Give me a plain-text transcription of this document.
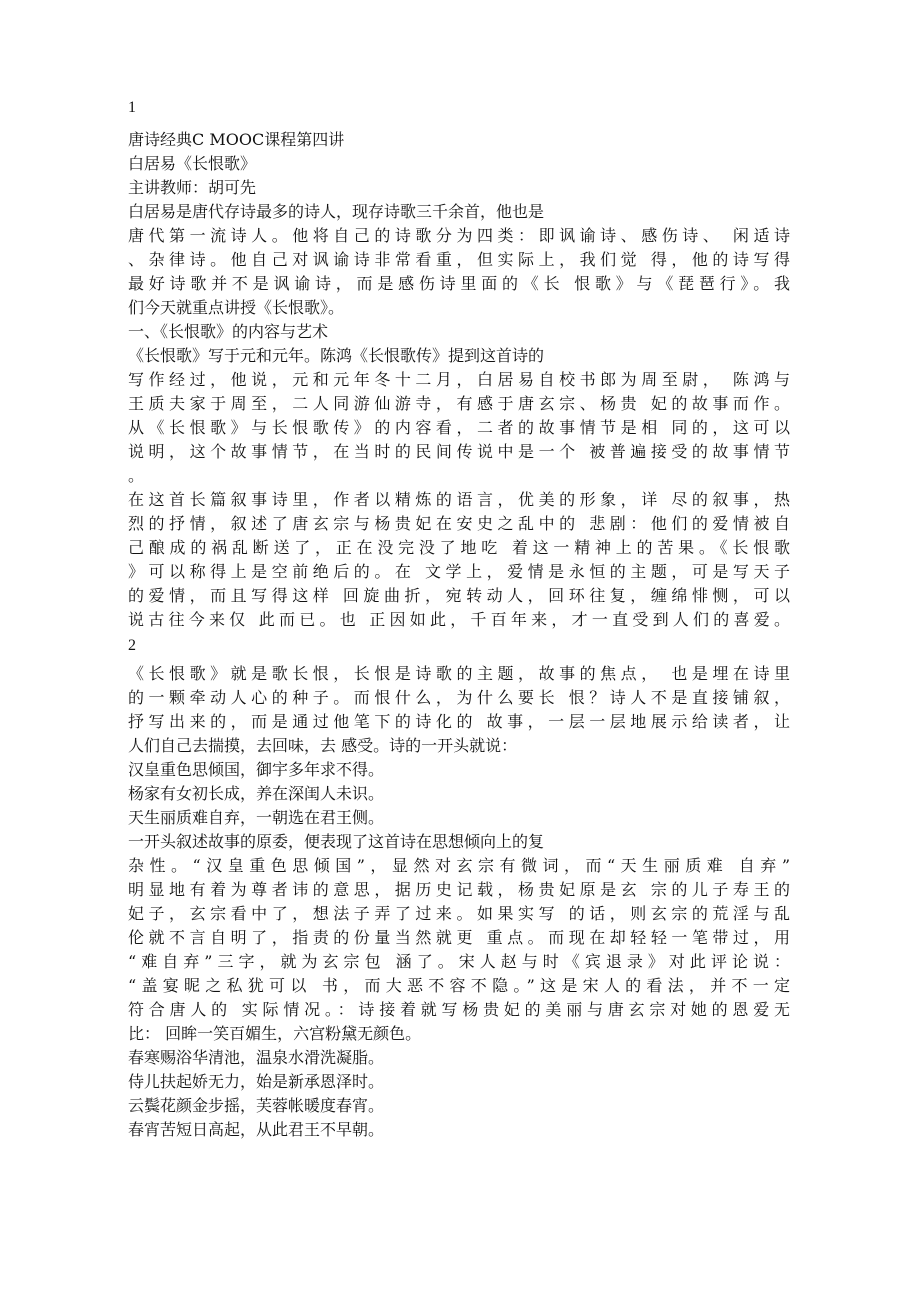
1
唐诗经典C MOOC课程第四讲
白居易《长恨歌》
主讲教师：胡可先
白居易是唐代存诗最多的诗人，现存诗歌三千余首，他也是
唐代第一流诗人。他将自己的诗歌分为四类：即讽谕诗、感伤诗、 闲适诗
、杂律诗。他自己对讽谕诗非常看重，但实际上，我们觉 得，他的诗写得
最好诗歌并不是讽谕诗，而是感伤诗里面的《长 恨歌》与《琵琶行》。我
们今天就重点讲授《长恨歌》。
一、《长恨歌》的内容与艺术
《长恨歌》写于元和元年。陈鸿《长恨歌传》提到这首诗的
写作经过，他说，元和元年冬十二月，白居易自校书郎为周至尉， 陈鸿与
王质夫家于周至，二人同游仙游寺，有感于唐玄宗、杨贵 妃的故事而作。
从《长恨歌》与长恨歌传》的内容看，二者的故事情节是相 同的，这可以
说明，这个故事情节，在当时的民间传说中是一个 被普遍接受的故事情节
。
在这首长篇叙事诗里，作者以精炼的语言，优美的形象，详 尽的叙事，热
烈的抒情，叙述了唐玄宗与杨贵妃在安史之乱中的 悲剧：他们的爱情被自
己酿成的祸乱断送了，正在没完没了地吃 着这一精神上的苦果。《长恨歌
》可以称得上是空前绝后的。在 文学上，爱情是永恒的主题，可是写天子
的爱情，而且写得这样 回旋曲折，宛转动人，回环往复，缠绵悱恻，可以
说古往今来仅 此而已。也 正因如此，千百年来，才一直受到人们的喜爱。
2
《长恨歌》就是歌长恨，长恨是诗歌的主题，故事的焦点， 也是埋在诗里
的一颗牵动人心的种子。而恨什么，为什么要长 恨？诗人不是直接铺叙，
抒写出来的，而是通过他笔下的诗化的 故事，一层一层地展示给读者，让
人们自己去揣摸，去回味，去 感受。诗的一开头就说：
汉皇重色思倾国，御宇多年求不得。
杨家有女初长成，养在深闺人未识。
天生丽质难自弃，一朝选在君王侧。
一开头叙述故事的原委，便表现了这首诗在思想倾向上的复
杂性。“汉皇重色思倾国”，显然对玄宗有微词，而“天生丽质难 自弃”
明显地有着为尊者讳的意思，据历史记载，杨贵妃原是玄 宗的儿子寿王的
妃子，玄宗看中了，想法子弄了过来。如果实写 的话，则玄宗的荒淫与乱
伦就不言自明了，指责的份量当然就更 重点。而现在却轻轻一笔带过，用
“难自弃”三字，就为玄宗包 涵了。宋人赵与时《宾退录》对此评论说：
“盖宴昵之私犹可以 书，而大恶不容不隐。”这是宋人的看法，并不一定
符合唐人的 实际情况。：诗接着就写杨贵妃的美丽与唐玄宗对她的恩爱无
比： 回眸一笑百媚生，六宫粉黛无颜色。
春寒赐浴华清池，温泉水滑洗凝脂。
侍儿扶起娇无力，始是新承恩泽时。
云鬓花颜金步摇，芙蓉帐暖度春宵。
春宵苦短日高起，从此君王不早朝。
